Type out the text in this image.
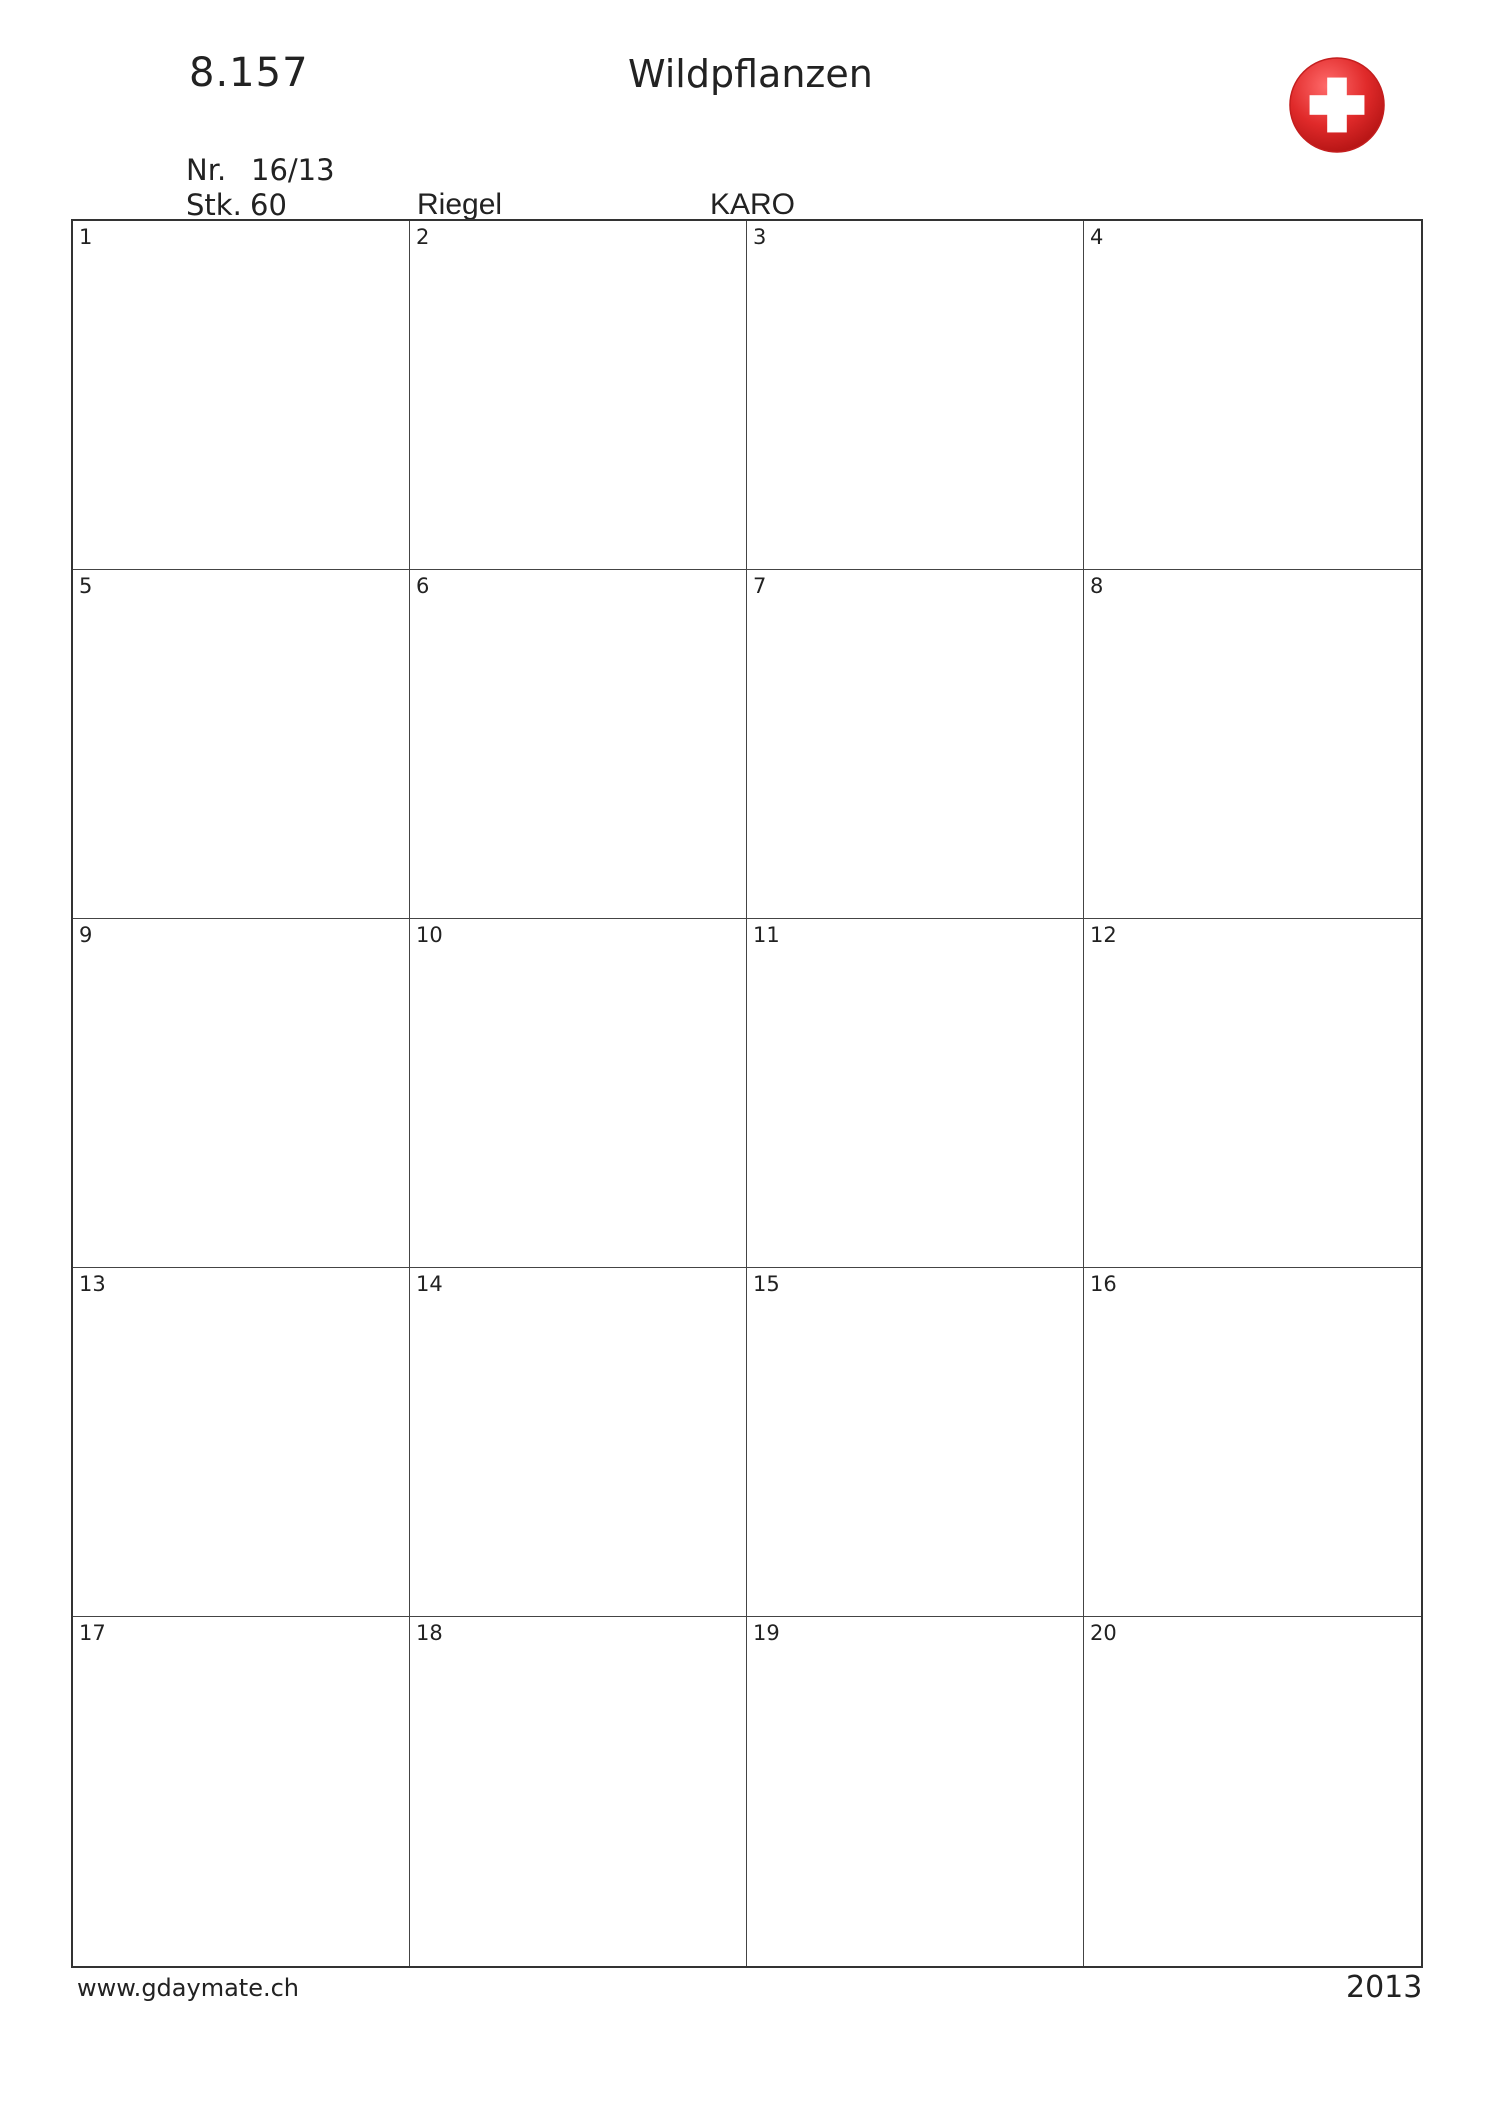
8.157	Wildpflanzen
Nr. 16/13
Stk. 60	Riegel	KARO
1	2	3	4
5	6	7	8
9	10	11	12
13	14	15	16
17	18	19	20
www.gdaymate.ch	2013
